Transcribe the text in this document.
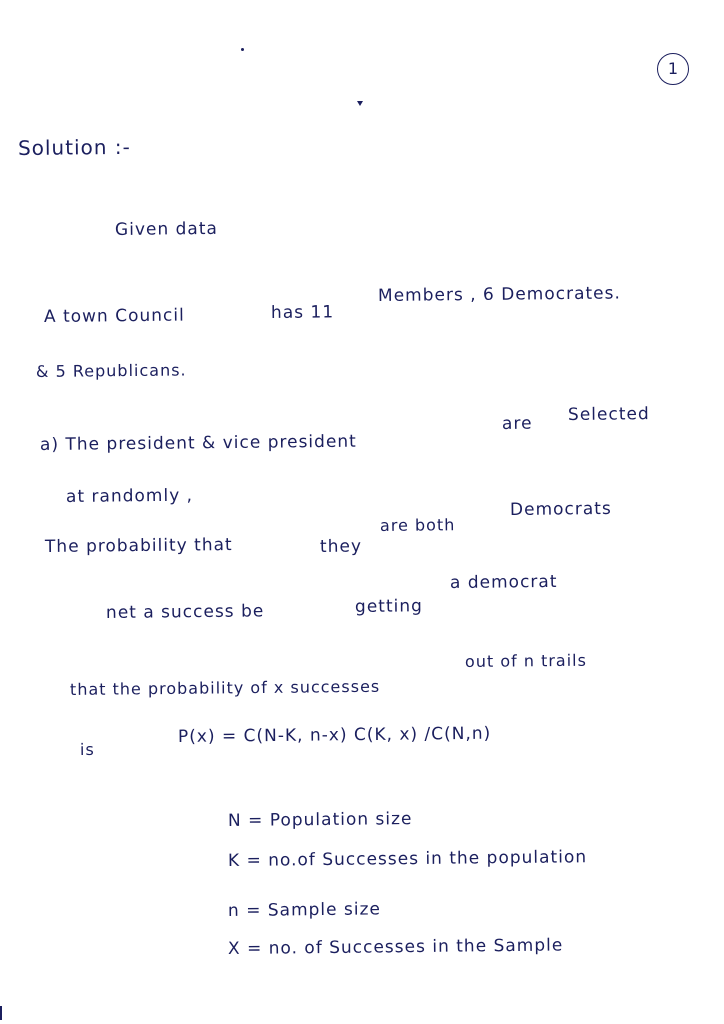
1
Solution :-
Given data
A town Council	has 11
Members , 6 Democrates.
& 5 Republicans.
a) The president & vice president
are Selected
at randomly ,
The probability that	they
are both
Democrats
net a success be	getting
a democrat
that the probability of x successes
out of n trails
is
P(x) = C(N-K, n-x) C(K, x) /C(N,n)
N = Population size
K = no.of Successes in the population
n = Sample size
X = no. of Successes in the Sample
